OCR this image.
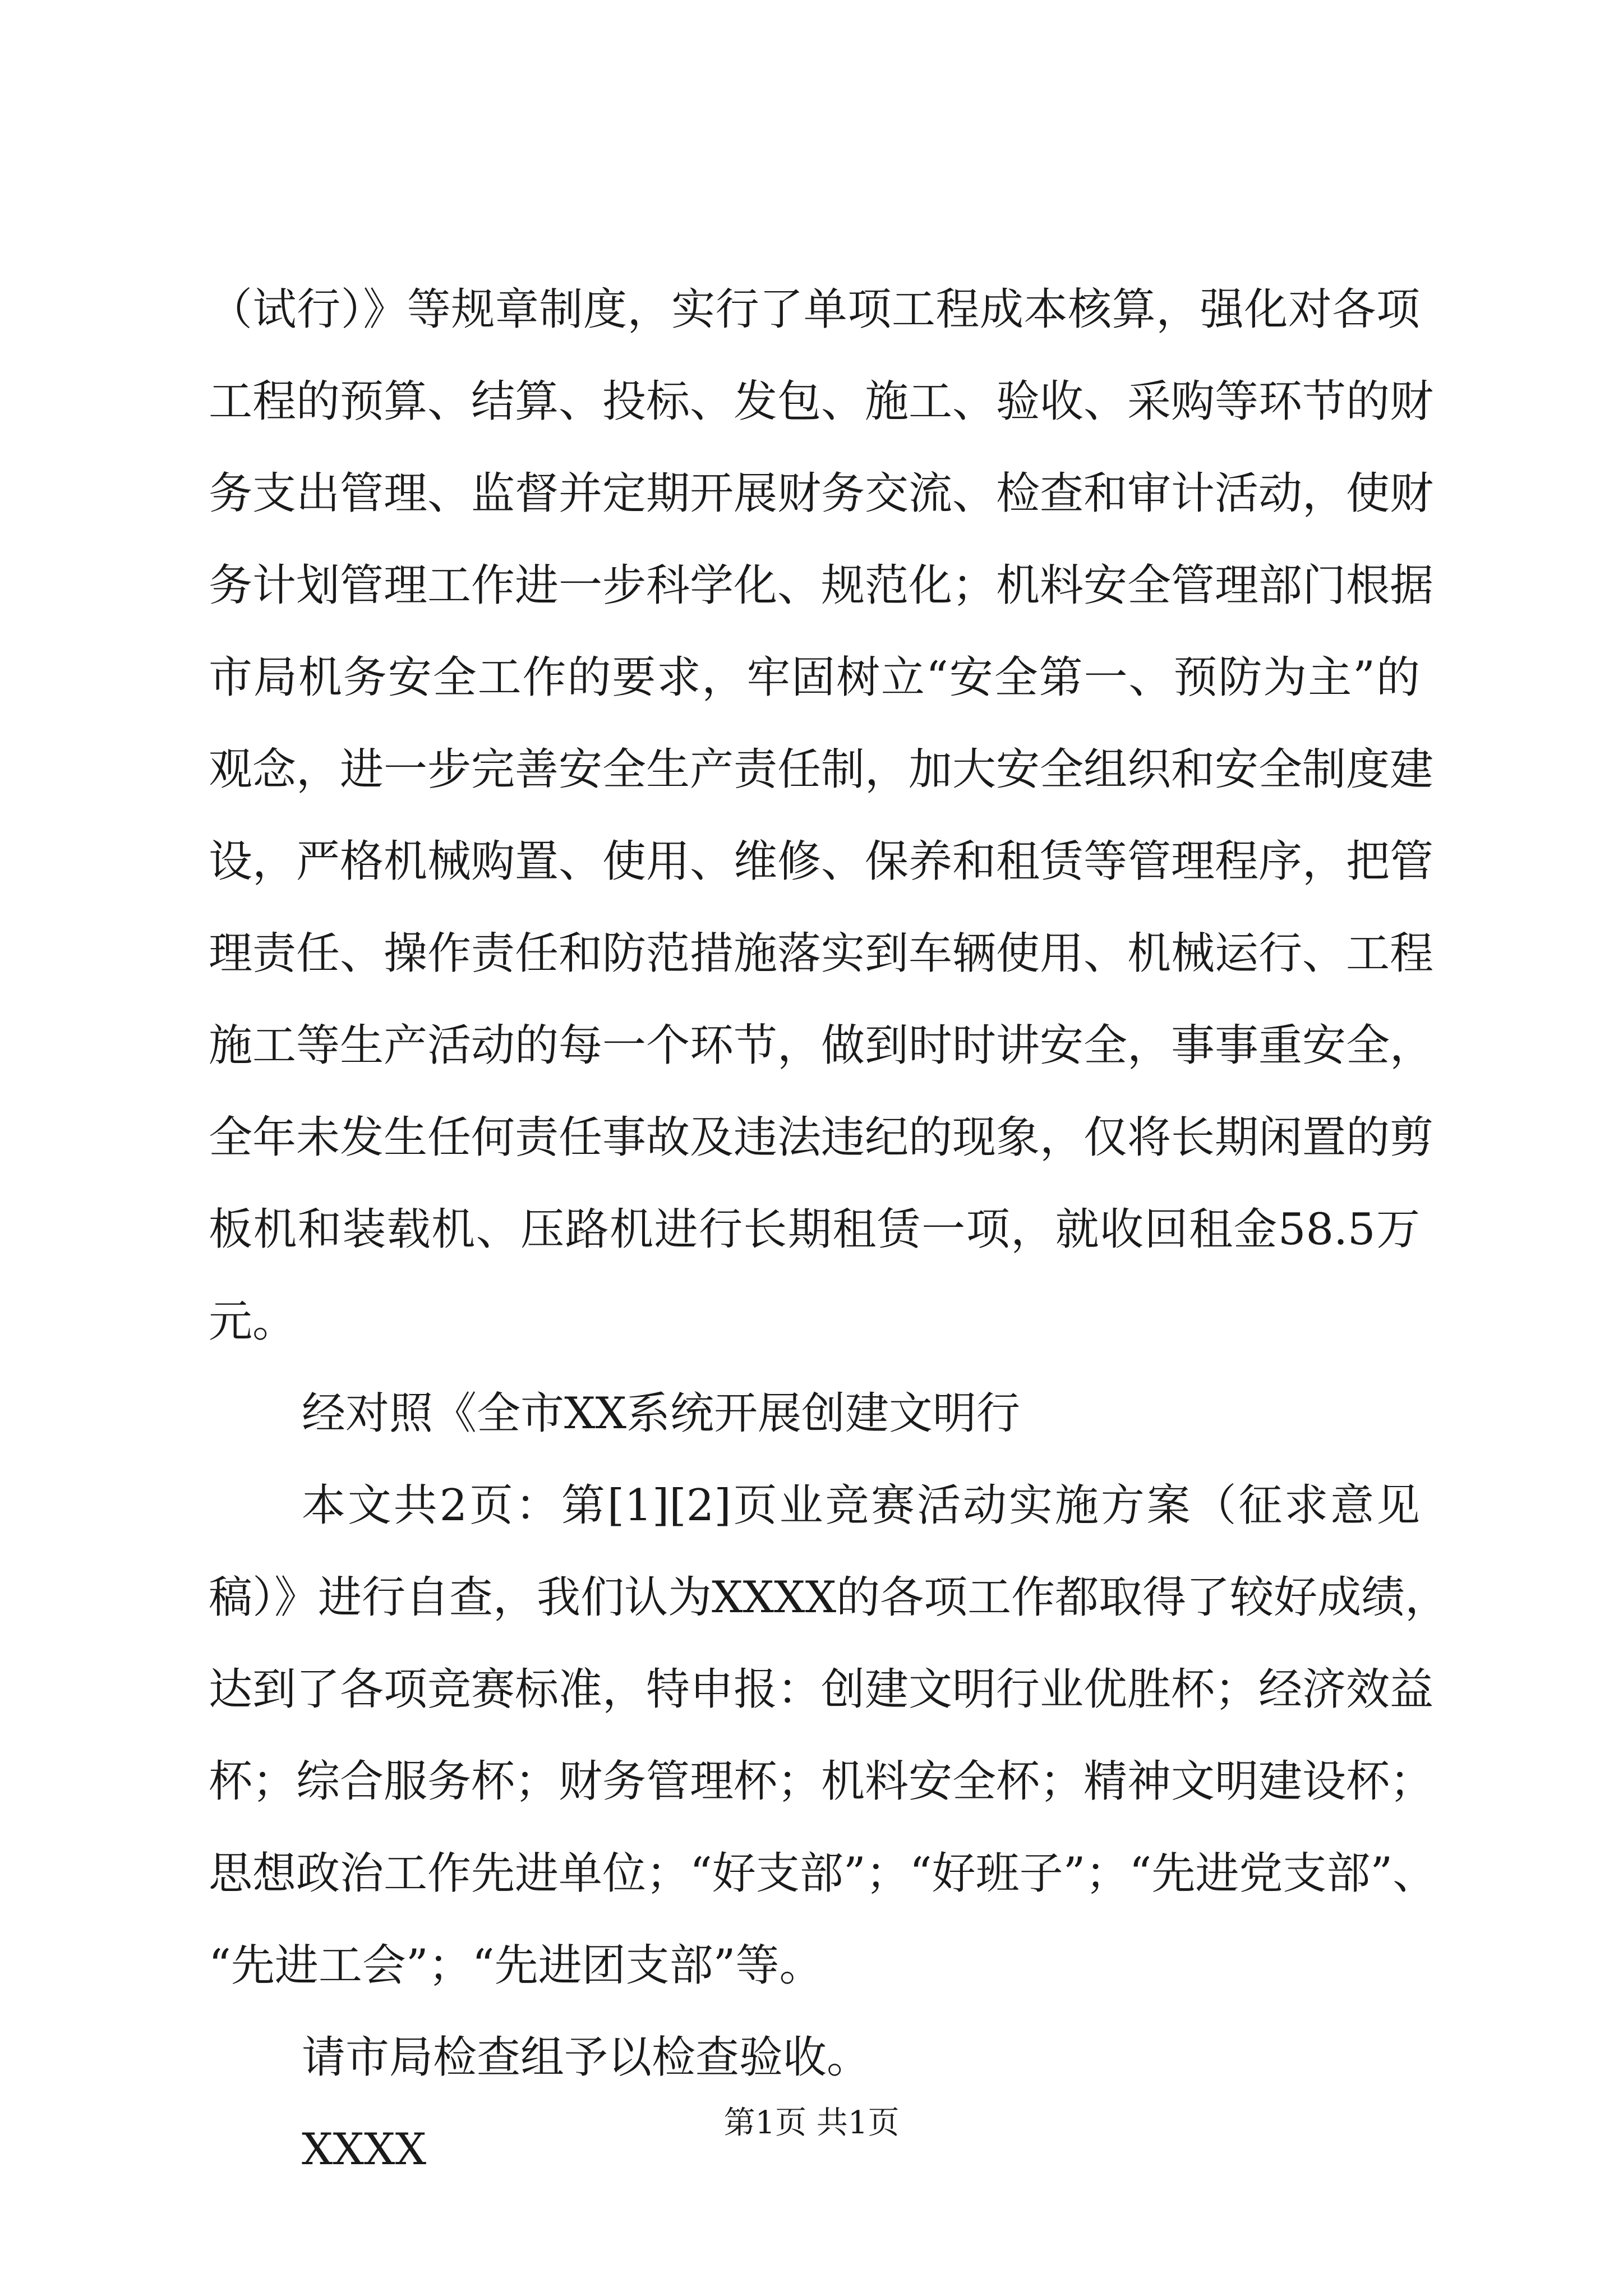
（试行）》等规章制度，实行了单项工程成本核算，强化对各项
工程的预算、结算、投标、发包、施工、验收、采购等环节的财
务支出管理、监督并定期开展财务交流、检查和审计活动，使财
务计划管理工作进一步科学化、规范化；机料安全管理部门根据
市局机务安全工作的要求，牢固树立“安全第一、预防为主”的
观念，进一步完善安全生产责任制，加大安全组织和安全制度建
设，严格机械购置、使用、维修、保养和租赁等管理程序，把管
理责任、操作责任和防范措施落实到车辆使用、机械运行、工程
施工等生产活动的每一个环节，做到时时讲安全，事事重安全，
全年未发生任何责任事故及违法违纪的现象，仅将长期闲置的剪
板机和装载机、压路机进行长期租赁一项，就收回租金58.5万
元。
经对照《全市XX系统开展创建文明行
本文共2页：第[1][2]页业竞赛活动实施方案（征求意见
稿）》进行自查，我们认为XXXX的各项工作都取得了较好成绩，
达到了各项竞赛标准，特申报：创建文明行业优胜杯；经济效益
杯；综合服务杯；财务管理杯；机料安全杯；精神文明建设杯；
思想政治工作先进单位；“好支部”；“好班子”；“先进党支部”、
“先进工会”；“先进团支部”等。
请市局检查组予以检查验收。
XXXX
第1页 共1页
